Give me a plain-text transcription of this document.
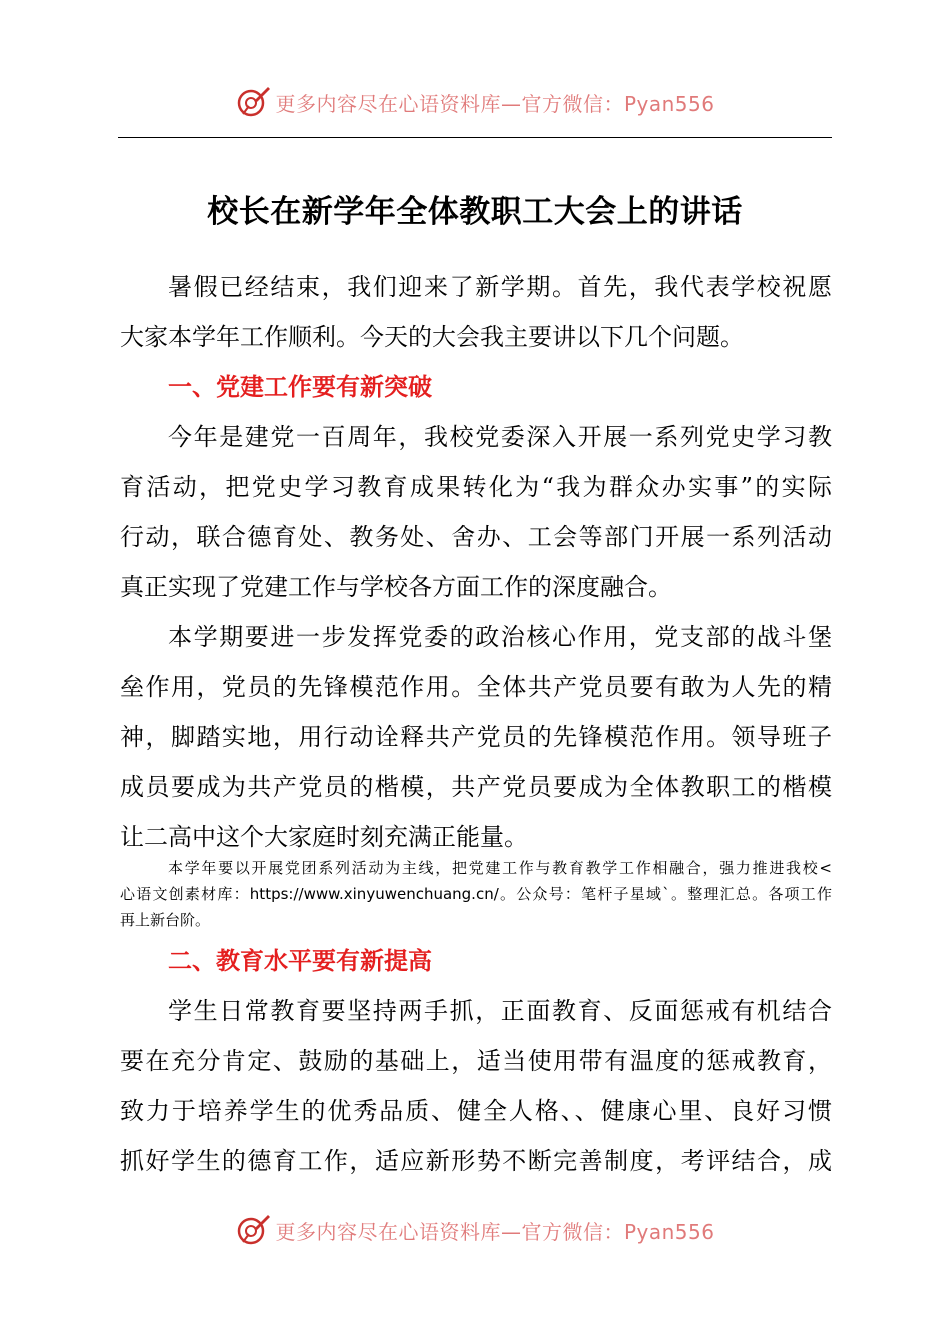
更多内容尽在心语资料库—官方微信：Pyan556
校长在新学年全体教职工大会上的讲话
暑假已经结束，我们迎来了新学期。首先，我代表学校祝愿
大家本学年工作顺利。今天的大会我主要讲以下几个问题。
一、党建工作要有新突破
今年是建党一百周年，我校党委深入开展一系列党史学习教
育活动，把党史学习教育成果转化为“我为群众办实事”的实际
行动，联合德育处、教务处、舍办、工会等部门开展一系列活动
真正实现了党建工作与学校各方面工作的深度融合。
本学期要进一步发挥党委的政治核心作用，党支部的战斗堡
垒作用，党员的先锋模范作用。全体共产党员要有敢为人先的精
神，脚踏实地，用行动诠释共产党员的先锋模范作用。领导班子
成员要成为共产党员的楷模，共产党员要成为全体教职工的楷模
让二高中这个大家庭时刻充满正能量。
本学年要以开展党团系列活动为主线，把党建工作与教育教学工作相融合，强力推进我校<
心语文创素材库：https://www.xinyuwenchuang.cn/。公众号：笔杆子星域`。整理汇总。各项工作
再上新台阶。
二、教育水平要有新提高
学生日常教育要坚持两手抓，正面教育、反面惩戒有机结合
要在充分肯定、鼓励的基础上，适当使用带有温度的惩戒教育，
致力于培养学生的优秀品质、健全人格、、健康心里、良好习惯
抓好学生的德育工作，适应新形势不断完善制度，考评结合，成
更多内容尽在心语资料库—官方微信：Pyan556
